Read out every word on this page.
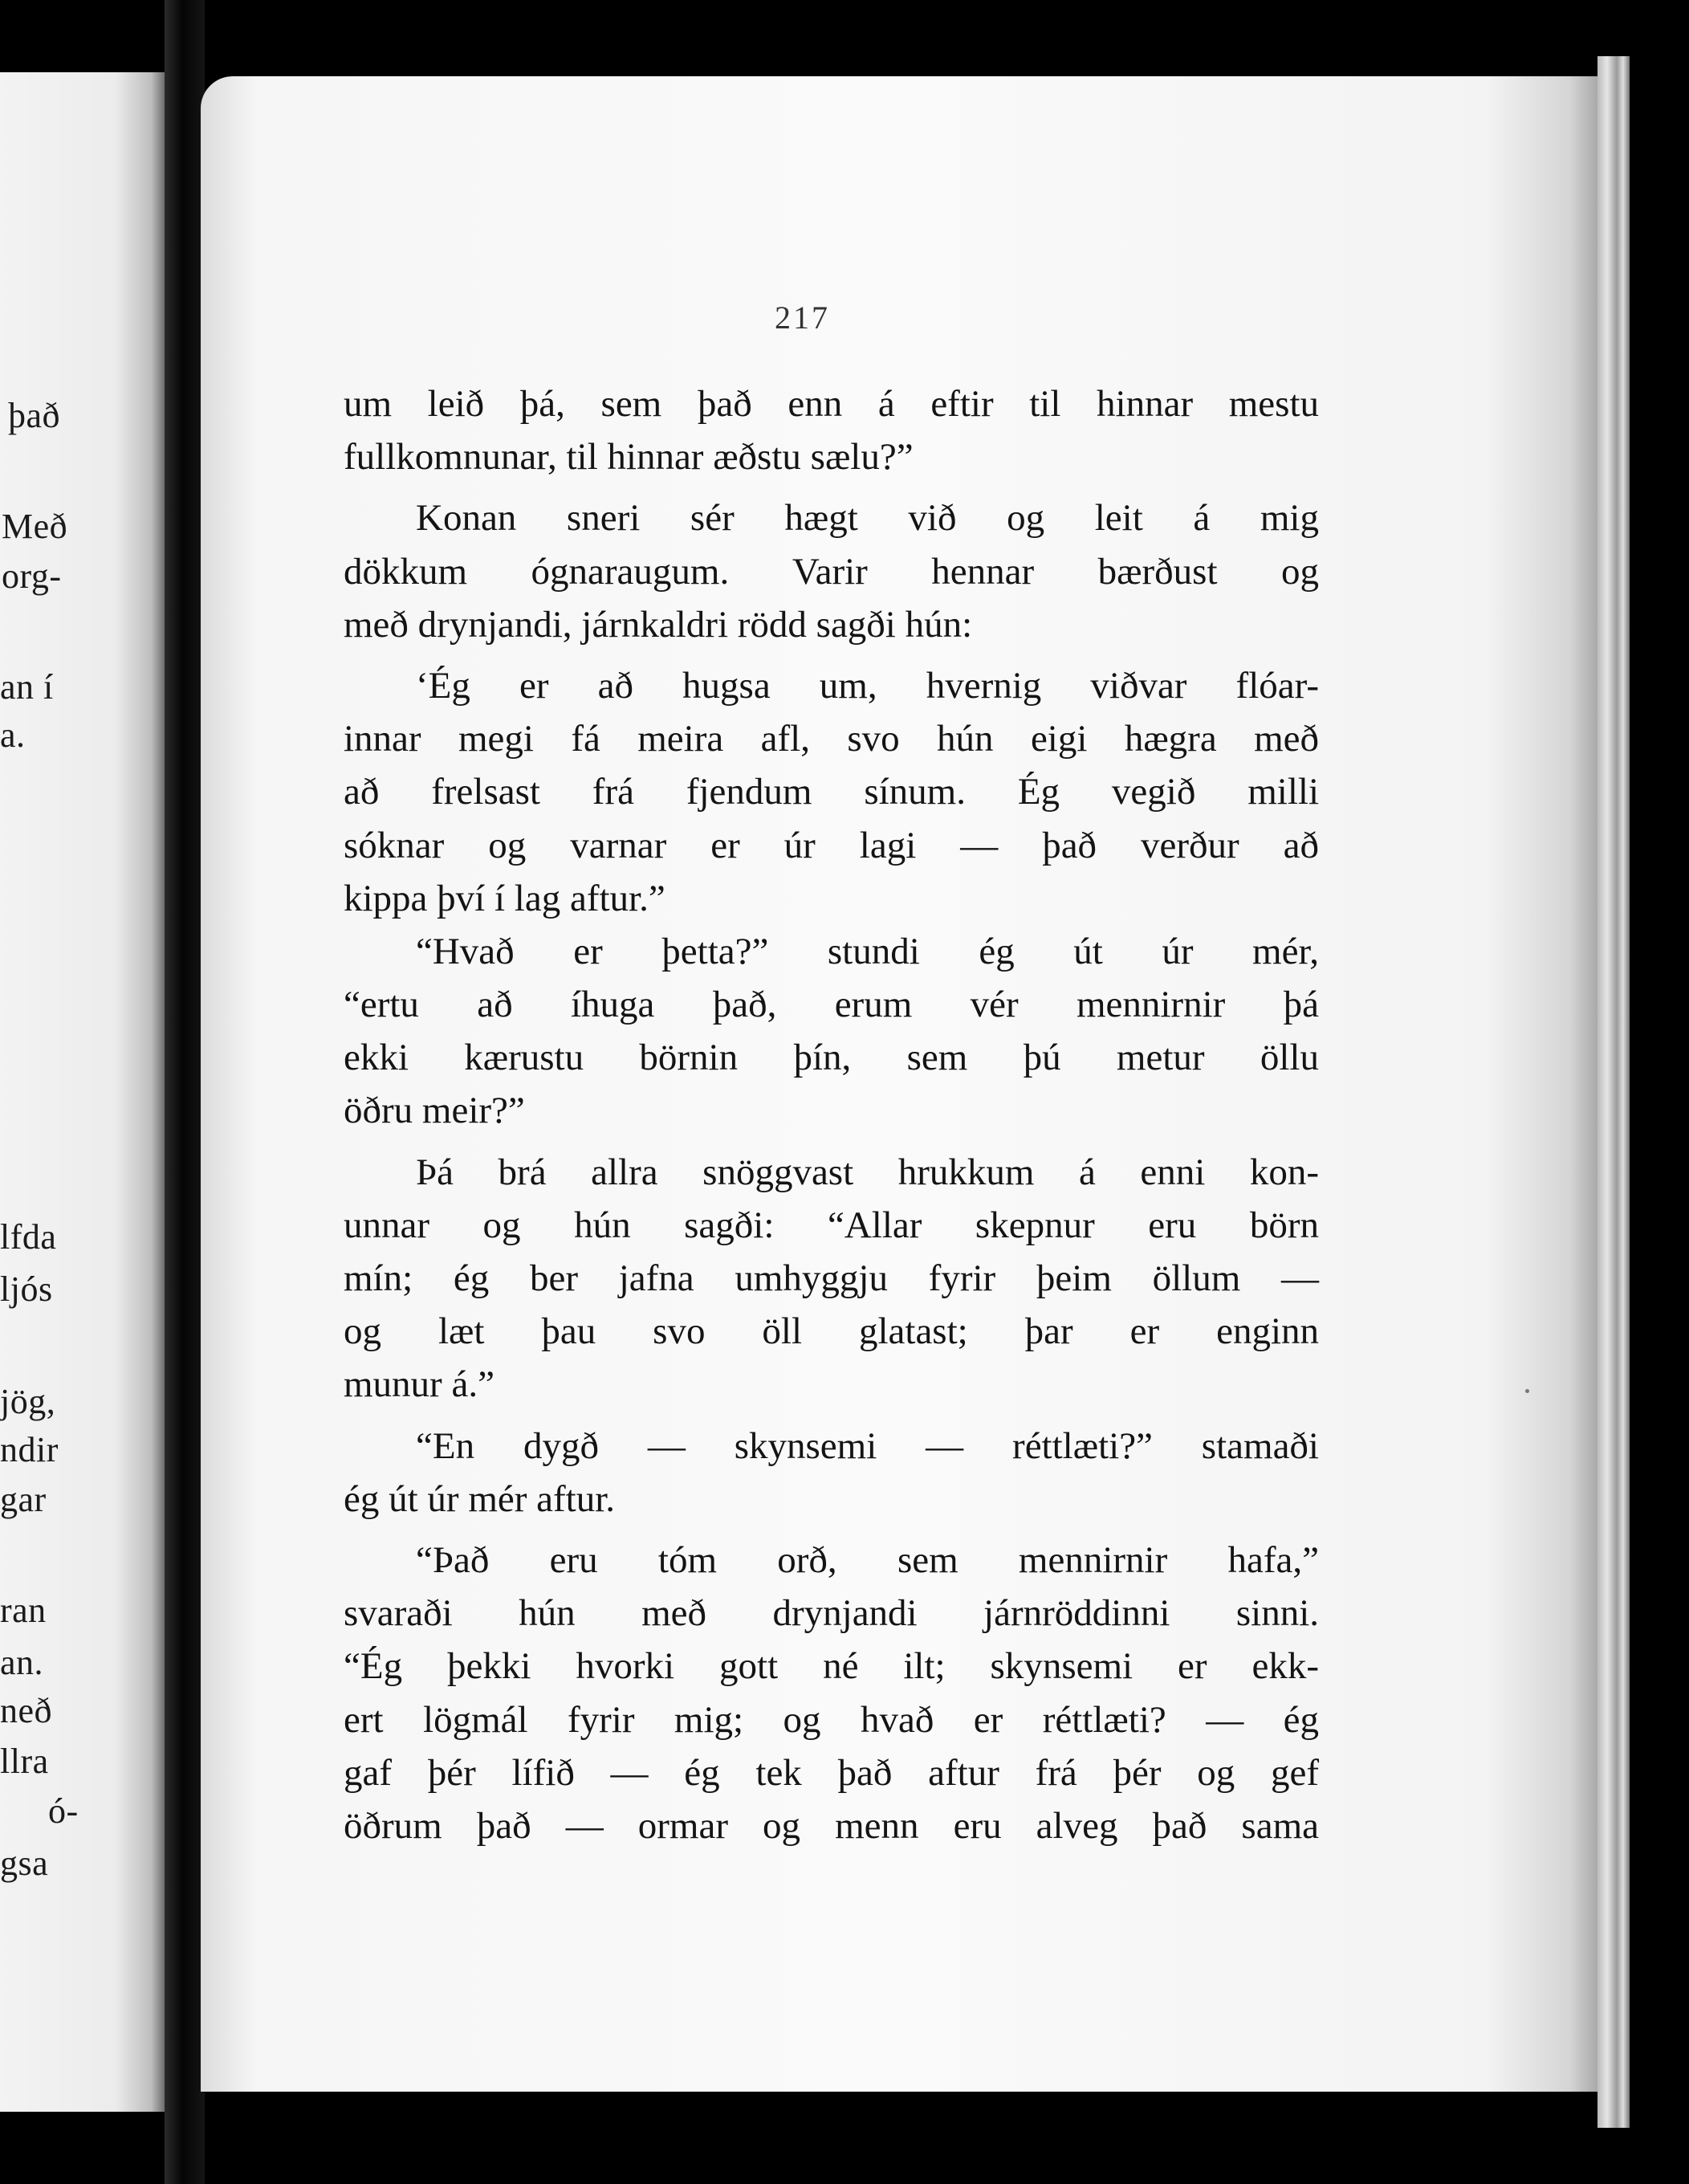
það
Með
org-
an í
a.
lfda
ljós
jög,
ndir
gar
ran
an.
neð
llra
ó-
gsa
217
um leið þá, sem það enn á eftir til hinnar mestu
fullkomnunar, til hinnar æðstu sælu?”
Konan sneri sér hægt við og leit á mig
dökkum ógnaraugum. Varir hennar bærðust og
með drynjandi, járnkaldri rödd sagði hún:
‘Ég er að hugsa um, hvernig viðvar flóar-
innar megi fá meira afl, svo hún eigi hægra með
að frelsast frá fjendum sínum. Ég vegið milli
sóknar og varnar er úr lagi — það verður að
kippa því í lag aftur.”
“Hvað er þetta?” stundi ég út úr mér,
“ertu að íhuga það, erum vér mennirnir þá
ekki kærustu börnin þín, sem þú metur öllu
öðru meir?”
Þá brá allra snöggvast hrukkum á enni kon-
unnar og hún sagði: “Allar skepnur eru börn
mín; ég ber jafna umhyggju fyrir þeim öllum —
og læt þau svo öll glatast; þar er enginn
munur á.”
“En dygð — skynsemi — réttlæti?” stamaði
ég út úr mér aftur.
“Það eru tóm orð, sem mennirnir hafa,”
svaraði hún með drynjandi járnröddinni sinni.
“Ég þekki hvorki gott né ilt; skynsemi er ekk-
ert lögmál fyrir mig; og hvað er réttlæti? — ég
gaf þér lífið — ég tek það aftur frá þér og gef
öðrum það — ormar og menn eru alveg það sama
